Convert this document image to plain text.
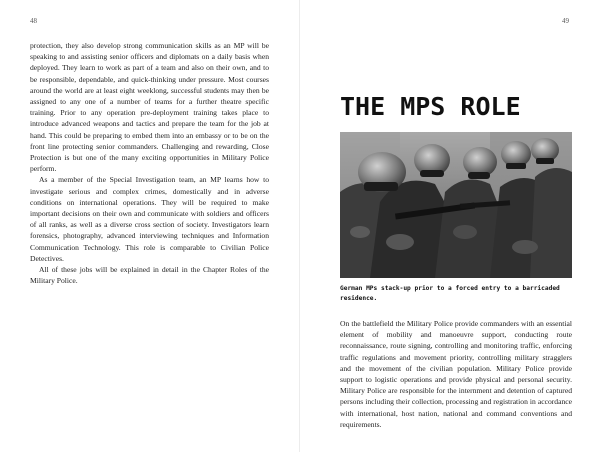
48

protection, they also develop strong communication skills as an MP will be speaking to and assisting senior officers and diplomats on a daily basis when deployed. They learn to work as part of a team and also on their own, and to be responsible, dependable, and quick-thinking under pressure. Most courses around the world are at least eight weeklong, successful students may then be assigned to any one of a number of teams for a further theatre specific training. Prior to any operation pre-deployment training takes place to introduce advanced weapons and tactics and prepare the team for the job at hand. This could be preparing to embed them into an embassy or to be on the front line protecting senior commanders. Challenging and rewarding, Close Protection is but one of the many exciting opportunities in Military Police perform.

As a member of the Special Investigation team, an MP learns how to investigate serious and complex crimes, domestically and in adverse conditions on international operations. They will be required to make important decisions on their own and communicate with soldiers and officers of all ranks, as well as a diverse cross section of society. Investigators learn forensics, photography, advanced interviewing techniques and Information Communication Technology. This role is comparable to Civilian Police Detectives.

All of these jobs will be explained in detail in the Chapter Roles of the Military Police.

49
THE MPS ROLE
German MPs stack-up prior to a forced entry to a barricaded residence.

On the battlefield the Military Police provide commanders with an essential element of mobility and manoeuvre support, conducting route reconnaissance, route signing, controlling and monitoring traffic, enforcing traffic regulations and movement priority, controlling military stragglers and the movement of the civilian population. Military Police provide support to logistic operations and provide physical and personal security. Military Police are responsible for the internment and detention of captured persons including their collection, processing and registration in accordance with international, host nation, national and command conventions and requirements.
